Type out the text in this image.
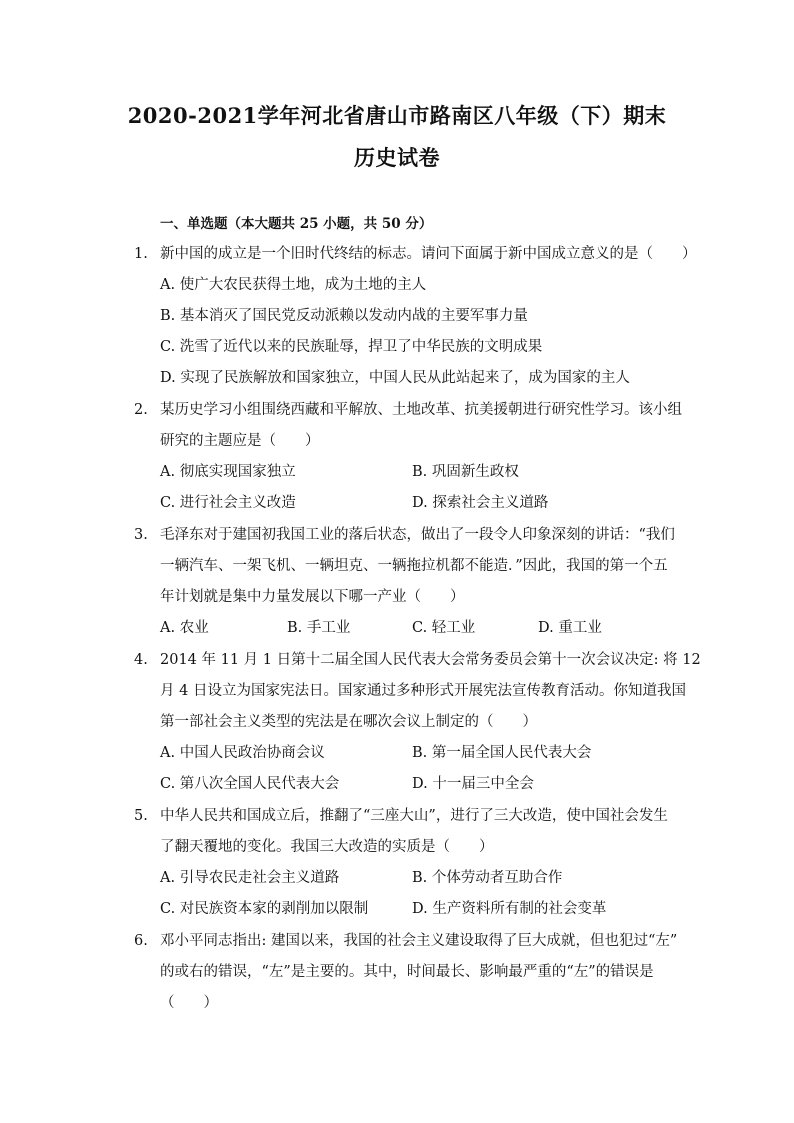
2020-2021学年河北省唐山市路南区八年级（下）期末
历史试卷
一、单选题（本大题共 25 小题，共 50 分）
1. 新中国的成立是一个旧时代终结的标志。请问下面属于新中国成立意义的是（　　）
A. 使广大农民获得土地，成为土地的主人
B. 基本消灭了国民党反动派赖以发动内战的主要军事力量
C. 洗雪了近代以来的民族耻辱，捍卫了中华民族的文明成果
D. 实现了民族解放和国家独立，中国人民从此站起来了，成为国家的主人
2. 某历史学习小组围绕西藏和平解放、土地改革、抗美援朝进行研究性学习。该小组
研究的主题应是（　　）
A. 彻底实现国家独立	B. 巩固新生政权
C. 进行社会主义改造	D. 探索社会主义道路
3. 毛泽东对于建国初我国工业的落后状态，做出了一段令人印象深刻的讲话：“我们
一辆汽车、一架飞机、一辆坦克、一辆拖拉机都不能造．”因此，我国的第一个五
年计划就是集中力量发展以下哪一产业（　　）
A. 农业	B. 手工业	C. 轻工业	D. 重工业
4. 2014 年 11 月 1 日第十二届全国人民代表大会常务委员会第十一次会议决定: 将 12
月 4 日设立为国家宪法日。国家通过多种形式开展宪法宣传教育活动。你知道我国
第一部社会主义类型的宪法是在哪次会议上制定的（　　）
A. 中国人民政治协商会议	B. 第一届全国人民代表大会
C. 第八次全国人民代表大会	D. 十一届三中全会
5. 中华人民共和国成立后，推翻了“三座大山”，进行了三大改造，使中国社会发生
了翻天覆地的变化。我国三大改造的实质是（　　）
A. 引导农民走社会主义道路	B. 个体劳动者互助合作
C. 对民族资本家的剥削加以限制	D. 生产资料所有制的社会变革
6. 邓小平同志指出: 建国以来，我国的社会主义建设取得了巨大成就，但也犯过“左”
的或右的错误，“左”是主要的。其中，时间最长、影响最严重的“左”的错误是
（　　）
